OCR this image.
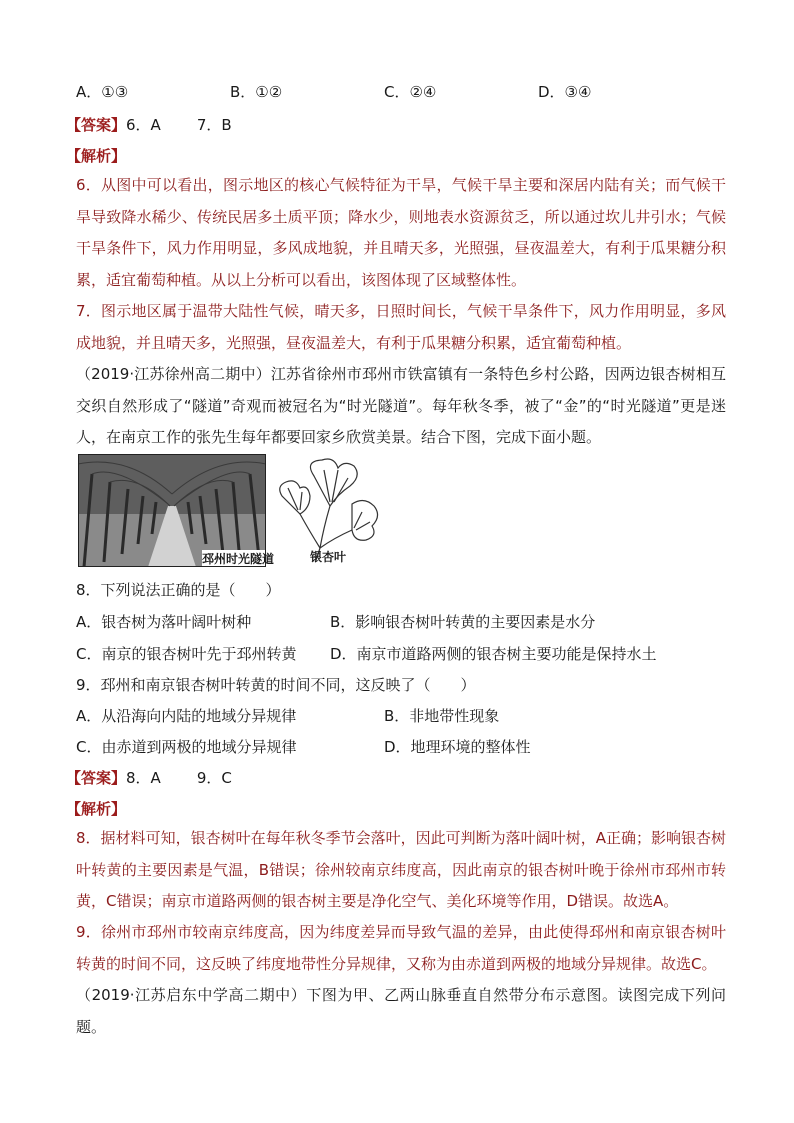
A．①③	B．①②	C．②④	D．③④
【答案】6．A 7．B
【解析】

6．从图中可以看出，图示地区的核心气候特征为干旱，气候干旱主要和深居内陆有关；而气候干旱导致降水稀少、传统民居多土质平顶；降水少，则地表水资源贫乏，所以通过坎儿井引水；气候干旱条件下，风力作用明显，多风成地貌，并且晴天多，光照强，昼夜温差大，有利于瓜果糖分积累，适宜葡萄种植。从以上分析可以看出，该图体现了区域整体性。

7．图示地区属于温带大陆性气候，晴天多，日照时间长，气候干旱条件下，风力作用明显，多风成地貌，并且晴天多，光照强，昼夜温差大，有利于瓜果糖分积累，适宜葡萄种植。

（2019·江苏徐州高二期中）江苏省徐州市邳州市铁富镇有一条特色乡村公路，因两边银杏树相互交织自然形成了“隧道”奇观而被冠名为“时光隧道”。每年秋冬季，被了“金”的“时光隧道”更是迷人，在南京工作的张先生每年都要回家乡欣赏美景。结合下图，完成下面小题。

邳州时光隧道	银杏叶
8．下列说法正确的是（　　）
A．银杏树为落叶阔叶树种	B．影响银杏树叶转黄的主要因素是水分
C．南京的银杏树叶先于邳州转黄 D．南京市道路两侧的银杏树主要功能是保持水土
9．邳州和南京银杏树叶转黄的时间不同，这反映了（　　）
A．从沿海向内陆的地域分异规律	B．非地带性现象
C．由赤道到两极的地域分异规律	D．地理环境的整体性
【答案】8．A 9．C
【解析】

8．据材料可知，银杏树叶在每年秋冬季节会落叶，因此可判断为落叶阔叶树，A正确；影响银杏树叶转黄的主要因素是气温，B错误；徐州较南京纬度高，因此南京的银杏树叶晚于徐州市邳州市转黄，C错误；南京市道路两侧的银杏树主要是净化空气、美化环境等作用，D错误。故选A。

9．徐州市邳州市较南京纬度高，因为纬度差异而导致气温的差异，由此使得邳州和南京银杏树叶转黄的时间不同，这反映了纬度地带性分异规律，又称为由赤道到两极的地域分异规律。故选C。

（2019·江苏启东中学高二期中）下图为甲、乙两山脉垂直自然带分布示意图。读图完成下列问题。
